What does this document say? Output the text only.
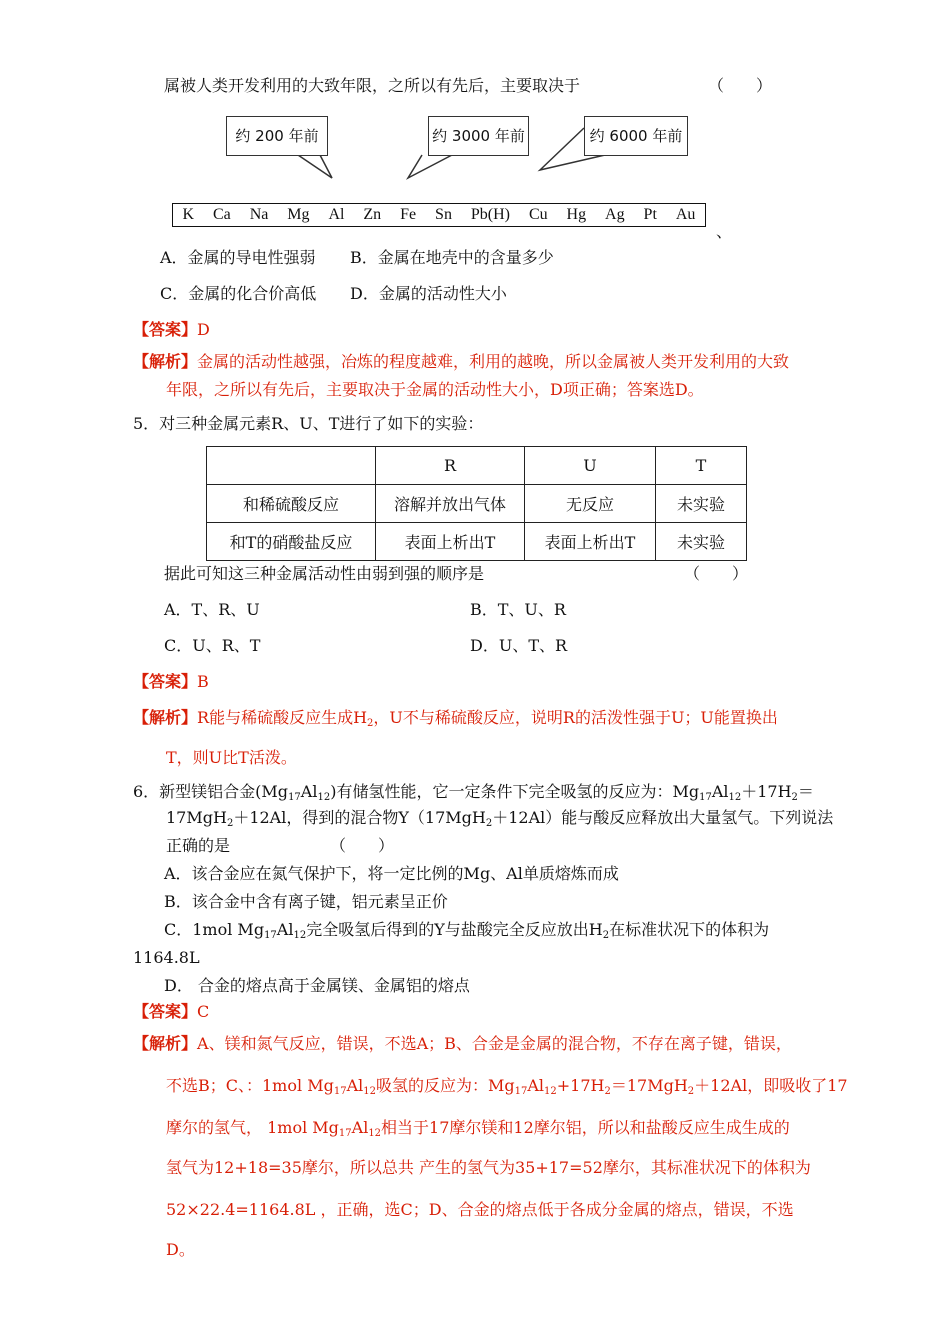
属被人类开发利用的大致年限，之所以有先后，主要取决于	（　　）
约 200 年前	约 3000 年前	约 6000 年前
K Ca Na Mg Al Zn Fe Sn Pb(H) Cu Hg Ag Pt Au
、
A．金属的导电性强弱 B．金属在地壳中的含量多少
C．金属的化合价高低 D．金属的活动性大小
【答案】D
【解析】金属的活动性越强，冶炼的程度越难，利用的越晚，所以金属被人类开发利用的大致
年限，之所以有先后，主要取决于金属的活动性大小，D项正确；答案选D。
5．对三种金属元素R、U、T进行了如下的实验：
	R	U	T
和稀硫酸反应	溶解并放出气体	无反应	未实验
和T的硝酸盐反应	表面上析出T	表面上析出T	未实验
据此可知这三种金属活动性由弱到强的顺序是	（　　）
A．T、R、U	B．T、U、R
C．U、R、T	D．U、T、R
【答案】B
【解析】R能与稀硫酸反应生成$H_2$，U不与稀硫酸反应，说明R的活泼性强于U；U能置换出
T，则U比T活泼。
6．新型镁铝合金$(Mg_{17}Al_{12})$有储氢性能，它一定条件下完全吸氢的反应为：$Mg_{17}Al_{12}+17H_2=$
17MgH$_2$＋12Al，得到的混合物Y（17MgH$_2$＋12Al）能与酸反应释放出大量氢气。下列说法
正确的是	（　　）
A．该合金应在氮气保护下，将一定比例的Mg、Al单质熔炼而成
B．该合金中含有离子键，铝元素呈正价
C．1mol $Mg_{17}Al_{12}$完全吸氢后得到的Y与盐酸完全反应放出$H_2$在标准状况下的体积为
1164.8L
D． 合金的熔点高于金属镁、金属铝的熔点
【答案】C
【解析】A、镁和氮气反应，错误，不选A；B、合金是金属的混合物，不存在离子键，错误，
不选B；C、：1mol $Mg_{17}Al_{12}$吸氢的反应为：$Mg_{17}Al_{12}+17H_2=17MgH_2+12Al$，即吸收了17
摩尔的氢气， 1mol $Mg_{17}Al_{12}$相当于17摩尔镁和12摩尔铝，所以和盐酸反应生成生成的
氢气为12+18=35摩尔，所以总共 产生的氢气为35+17=52摩尔，其标准状况下的体积为
52×22.4=1164.8L ，正确，选C；D、合金的熔点低于各成分金属的熔点，错误，不选
D。
